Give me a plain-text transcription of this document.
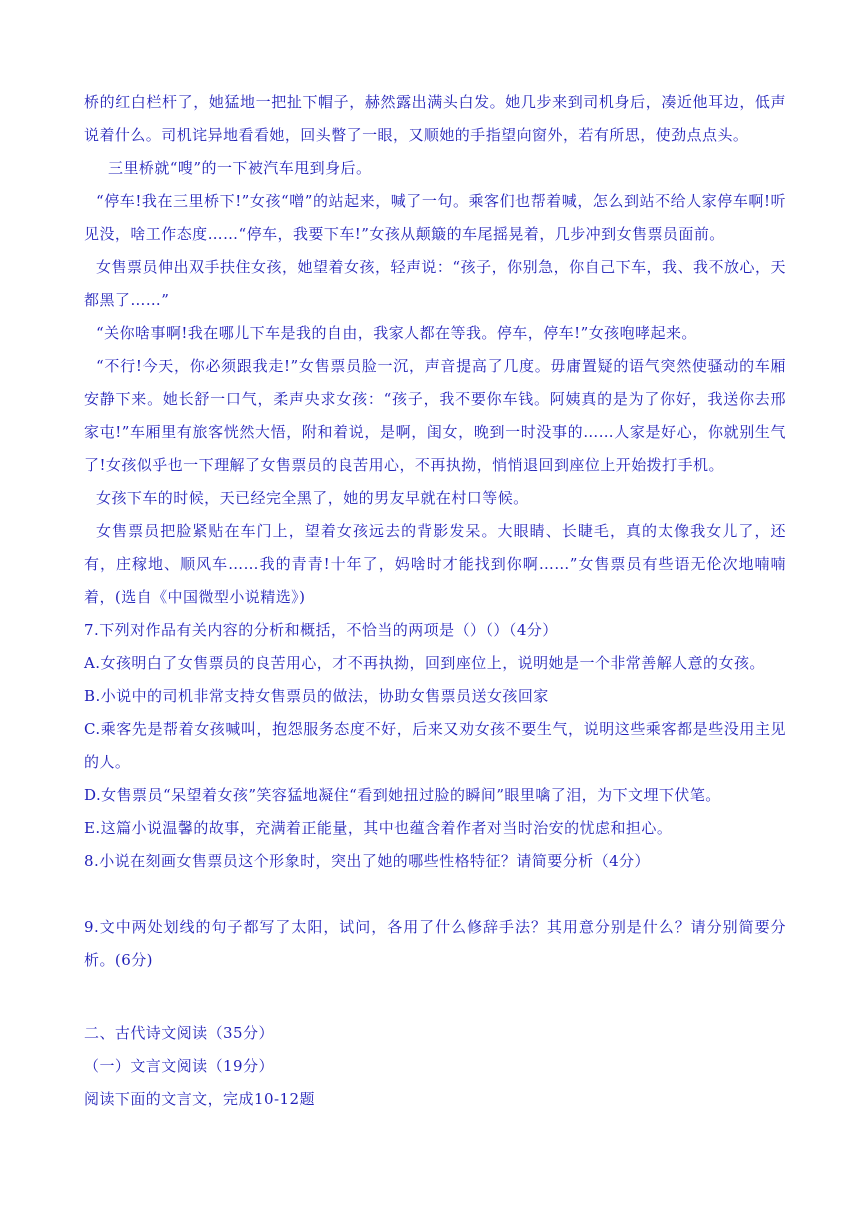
桥的红白栏杆了，她猛地一把扯下帽子，赫然露出满头白发。她几步来到司机身后，凑近他耳边，低声说着什么。司机诧异地看看她，回头瞥了一眼，又顺她的手指望向窗外，若有所思，使劲点点头。

三里桥就“嗖”的一下被汽车甩到身后。

“停车!我在三里桥下!”女孩“噌”的站起来，喊了一句。乘客们也帮着喊，怎么到站不给人家停车啊!听见没，啥工作态度……“停车，我要下车!”女孩从颠簸的车尾摇晃着，几步冲到女售票员面前。

女售票员伸出双手扶住女孩，她望着女孩，轻声说：“孩子，你别急，你自己下车，我、我不放心，天都黑了……”

“关你啥事啊!我在哪儿下车是我的自由，我家人都在等我。停车，停车!”女孩咆哮起来。

“不行!今天，你必须跟我走!”女售票员脸一沉，声音提高了几度。毋庸置疑的语气突然使骚动的车厢安静下来。她长舒一口气，柔声央求女孩：“孩子，我不要你车钱。阿姨真的是为了你好，我送你去邢家屯!”车厢里有旅客恍然大悟，附和着说，是啊，闺女，晚到一时没事的……人家是好心，你就别生气了!女孩似乎也一下理解了女售票员的良苦用心，不再执拗，悄悄退回到座位上开始拨打手机。

女孩下车的时候，天已经完全黑了，她的男友早就在村口等候。

女售票员把脸紧贴在车门上，望着女孩远去的背影发呆。大眼睛、长睫毛，真的太像我女儿了，还有，庄稼地、顺风车……我的青青!十年了，妈啥时才能找到你啊……”女售票员有些语无伦次地喃喃着，(选自《中国微型小说精选》)

7.下列对作品有关内容的分析和概括，不恰当的两项是（）（）（4分）

A.女孩明白了女售票员的良苦用心，才不再执拗，回到座位上，说明她是一个非常善解人意的女孩。

B.小说中的司机非常支持女售票员的做法，协助女售票员送女孩回家

C.乘客先是帮着女孩喊叫，抱怨服务态度不好，后来又劝女孩不要生气，说明这些乘客都是些没用主见的人。

D.女售票员“呆望着女孩”笑容猛地凝住“看到她扭过脸的瞬间”眼里噙了泪，为下文埋下伏笔。

E.这篇小说温馨的故事，充满着正能量，其中也蕴含着作者对当时治安的忧虑和担心。

8.小说在刻画女售票员这个形象时，突出了她的哪些性格特征？请简要分析（4分）

9.文中两处划线的句子都写了太阳，试问，各用了什么修辞手法？其用意分别是什么？请分别简要分析。(6分)

二、古代诗文阅读（35分）

（一）文言文阅读（19分）

阅读下面的文言文，完成10-12题
